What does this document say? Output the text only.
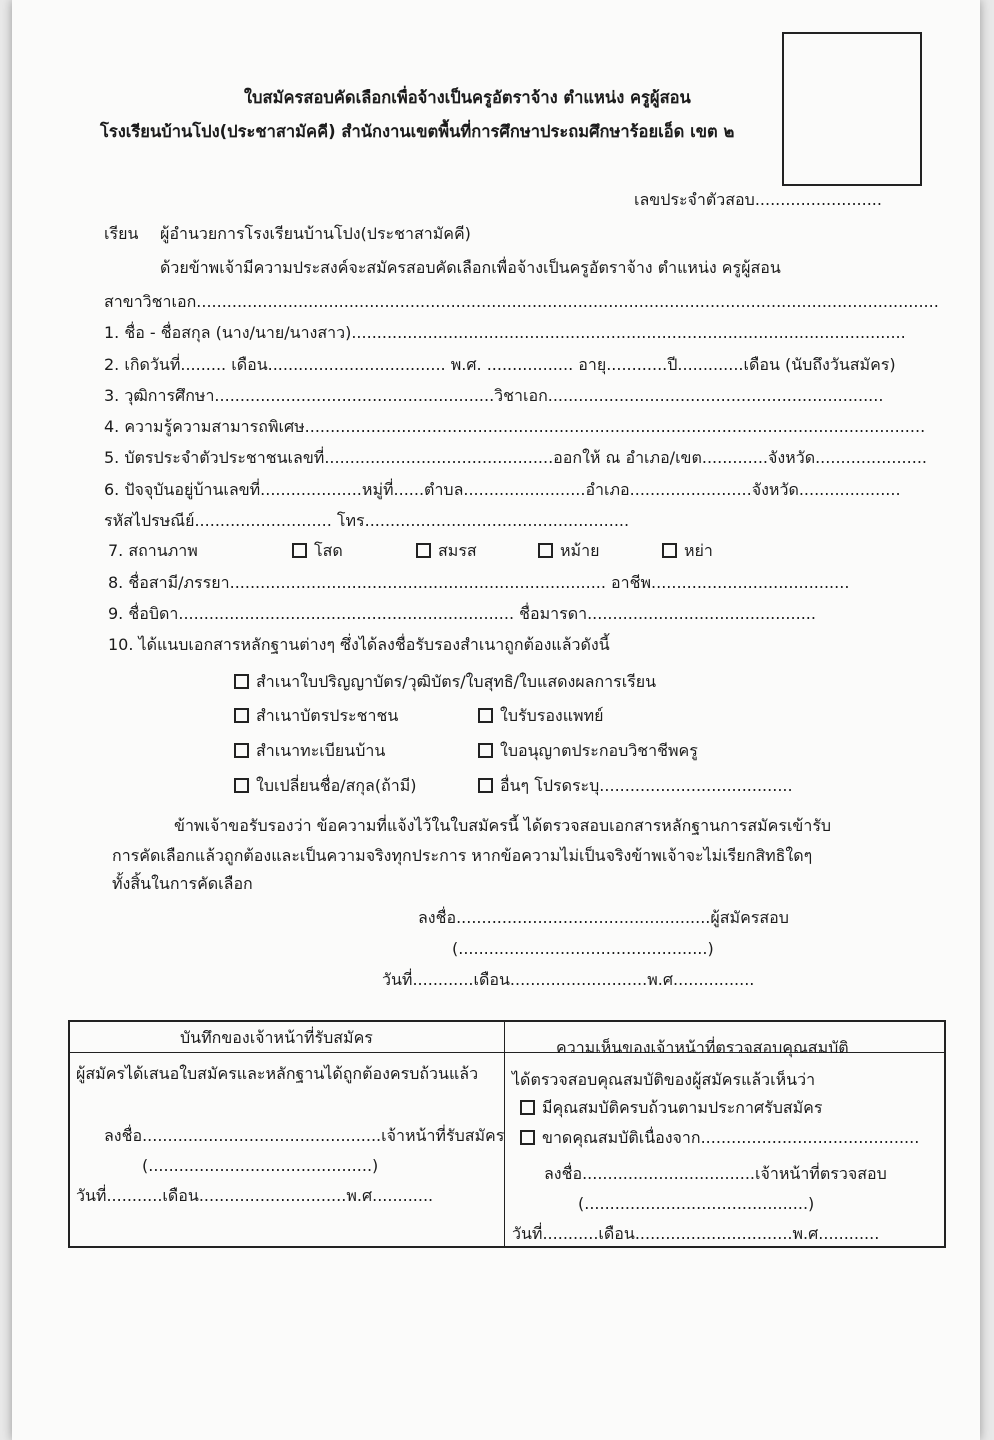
ใบสมัครสอบคัดเลือกเพื่อจ้างเป็นครูอัตราจ้าง ตำแหน่ง ครูผู้สอน
โรงเรียนบ้านโปง(ประชาสามัคคี) สำนักงานเขตพื้นที่การศึกษาประถมศึกษาร้อยเอ็ด เขต ๒
เลขประจำตัวสอบ.........................
เรียน ผู้อำนวยการโรงเรียนบ้านโปง(ประชาสามัคคี)
ด้วยข้าพเจ้ามีความประสงค์จะสมัครสอบคัดเลือกเพื่อจ้างเป็นครูอัตราจ้าง ตำแหน่ง ครูผู้สอน
สาขาวิชาเอก..................................................................................................................................................
1. ชื่อ - ชื่อสกุล (นาง/นาย/นางสาว).............................................................................................................
2. เกิดวันที่......... เดือน................................... พ.ศ. ................. อายุ............ปี.............เดือน (นับถึงวันสมัคร)
3. วุฒิการศึกษา.......................................................วิชาเอก..................................................................
4. ความรู้ความสามารถพิเศษ..........................................................................................................................
5. บัตรประจำตัวประชาชนเลขที่.............................................ออกให้ ณ อำเภอ/เขต.............จังหวัด......................
6. ปัจจุบันอยู่บ้านเลขที่....................หมู่ที่......ตำบล........................อำเภอ........................จังหวัด....................
รหัสไปรษณีย์........................... โทร....................................................
7. สถานภาพ	โสด	สมรส	หม้าย	หย่า
8. ชื่อสามี/ภรรยา.......................................................................... อาชีพ.......................................
9. ชื่อบิดา.................................................................. ชื่อมารดา.............................................
10. ได้แนบเอกสารหลักฐานต่างๆ ซึ่งได้ลงชื่อรับรองสำเนาถูกต้องแล้วดังนี้
สำเนาใบปริญญาบัตร/วุฒิบัตร/ใบสุทธิ/ใบแสดงผลการเรียน
สำเนาบัตรประชาชน	ใบรับรองแพทย์
สำเนาทะเบียนบ้าน	ใบอนุญาตประกอบวิชาชีพครู
ใบเปลี่ยนชื่อ/สกุล(ถ้ามี)	อื่นๆ โปรดระบุ......................................
ข้าพเจ้าขอรับรองว่า ข้อความที่แจ้งไว้ในใบสมัครนี้ ได้ตรวจสอบเอกสารหลักฐานการสมัครเข้ารับ
การคัดเลือกแล้วถูกต้องและเป็นความจริงทุกประการ หากข้อความไม่เป็นจริงข้าพเจ้าจะไม่เรียกสิทธิใดๆ
ทั้งสิ้นในการคัดเลือก
ลงชื่อ..................................................ผู้สมัครสอบ
(.................................................)
วันที่............เดือน...........................พ.ศ................
บันทึกของเจ้าหน้าที่รับสมัคร
ความเห็นของเจ้าหน้าที่ตรวจสอบคุณสมบัติ
ผู้สมัครได้เสนอใบสมัครและหลักฐานได้ถูกต้องครบถ้วนแล้ว
ลงชื่อ...............................................เจ้าหน้าที่รับสมัคร
(............................................)
วันที่...........เดือน.............................พ.ศ............
ได้ตรวจสอบคุณสมบัติของผู้สมัครแล้วเห็นว่า
มีคุณสมบัติครบถ้วนตามประกาศรับสมัคร
ขาดคุณสมบัติเนื่องจาก...........................................
ลงชื่อ..................................เจ้าหน้าที่ตรวจสอบ
(............................................)
วันที่...........เดือน...............................พ.ศ............
